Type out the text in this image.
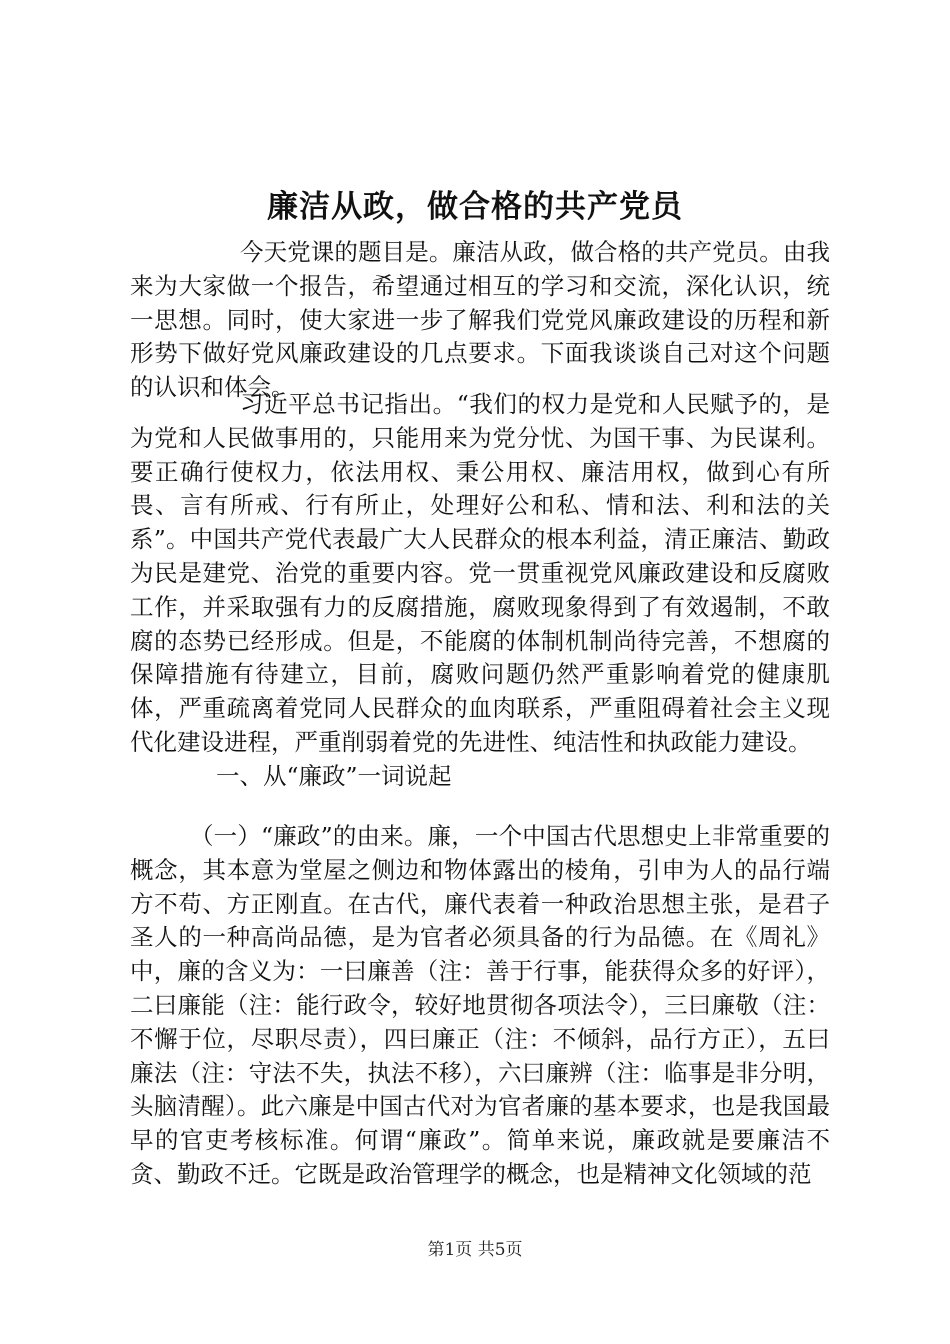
廉洁从政，做合格的共产党员

今天党课的题目是。廉洁从政，做合格的共产党员。由我来为大家做一个报告，希望通过相互的学习和交流，深化认识，统一思想。同时，使大家进一步了解我们党党风廉政建设的历程和新形势下做好党风廉政建设的几点要求。下面我谈谈自己对这个问题的认识和体会。

习近平总书记指出。“我们的权力是党和人民赋予的，是为党和人民做事用的，只能用来为党分忧、为国干事、为民谋利。要正确行使权力，依法用权、秉公用权、廉洁用权，做到心有所畏、言有所戒、行有所止，处理好公和私、情和法、利和法的关系”。中国共产党代表最广大人民群众的根本利益，清正廉洁、勤政为民是建党、治党的重要内容。党一贯重视党风廉政建设和反腐败工作，并采取强有力的反腐措施，腐败现象得到了有效遏制，不敢腐的态势已经形成。但是，不能腐的体制机制尚待完善，不想腐的保障措施有待建立，目前，腐败问题仍然严重影响着党的健康肌体，严重疏离着党同人民群众的血肉联系，严重阻碍着社会主义现代化建设进程，严重削弱着党的先进性、纯洁性和执政能力建设。

一、从“廉政”一词说起

（一）“廉政”的由来。廉，一个中国古代思想史上非常重要的概念，其本意为堂屋之侧边和物体露出的棱角，引申为人的品行端方不苟、方正刚直。在古代，廉代表着一种政治思想主张，是君子圣人的一种高尚品德，是为官者必须具备的行为品德。在《周礼》中，廉的含义为：一曰廉善（注：善于行事，能获得众多的好评），二曰廉能（注：能行政令，较好地贯彻各项法令），三曰廉敬（注：不懈于位，尽职尽责），四曰廉正（注：不倾斜，品行方正），五曰廉法（注：守法不失，执法不移），六曰廉辨（注：临事是非分明，头脑清醒）。此六廉是中国古代对为官者廉的基本要求，也是我国最早的官吏考核标准。何谓“廉政”。简单来说，廉政就是要廉洁不贪、勤政不迁。它既是政治管理学的概念，也是精神文化领域的范

第1页 共5页
